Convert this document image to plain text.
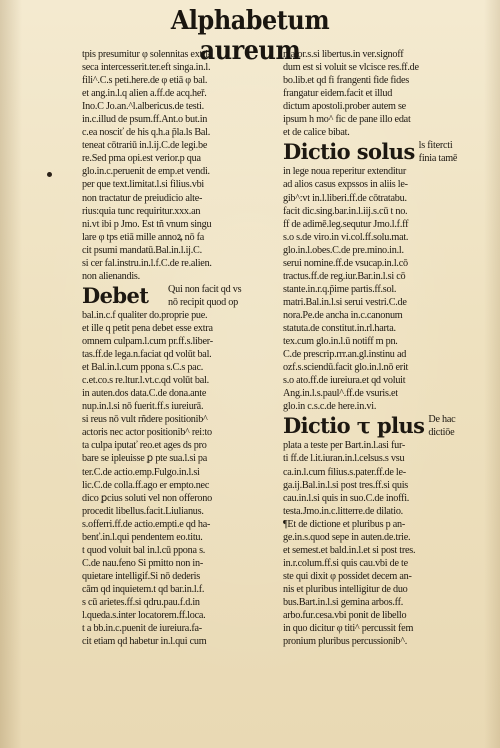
Alphabetum aureum
tpis presumitur φ solennitas extri-
seca intercesserit.ter.eft singa.in.l.
fili^.C.s peti.here.de φ etiā φ bal.
et ang.in.l.q alien a.ff.de acq.heř.
Ino.C Jo.an.^l.albericus.de testi.
in.c.illud de psum.ff.Ant.o but.in
c.ea nosciť de his q.h.a p̃la.ls Bal.
teneat cōtrariū in.l.ij.C.de legi.be
re.Sed pma opi.est verior.p qua
glo.in.c.peruenit de emp.et vendi.
per que text.limitat.l.si filius.vbi
non tractatur de preiudicio alte-
rius:quia tunc requiritur.xxx.an
ni.vt ibi p Jmo. Est tñ vnum singu
lare φ tps etiā mille annoꝝ nō fa
cit psumi mandatū.Bal.in.l.ij.C.
si cer fal.instru.in.l.f.C.de re.alien.
non alienandis.
Debet	Qui non facit qd vs
nō recipit quod op
bal.in.c.f qualiter do.proprie pue.
et ille q petit pena debet esse extra
omnem culpam.l.cum pr.ff.s.liber-
tas.ff.de lega.n.faciat qd volūt bal.
et Bal.in.l.cum ppona s.C.s pac.
c.et.co.s re.ltur.l.vt.c.qd volūt bal.
in auten.dos data.C.de dona.ante
nup.in.l.si nō fuerit.ff.s iureiurā.
si reus nō vult rñdere positionib^
actoris nec actor positionib^ rei:to
ta culpa iputať reo.et ages ds pro
bare se ipleuisse ꝑ pte sua.l.si pa
ter.C.de actio.emp.Fulgo.in.l.si
lic.C.de colla.ff.ago er empto.nec
dico ꝑcius soluti vel non offerono
procedit libellus.facit.Liulianus.
s.offerri.ff.de actio.empti.e qd ha-
benť.in.l.qui pendentem eo.titu.
t quod voluit bal in.l.cū ppona s.
C.de nau.feno Si pmitto non in-
quietare intelligif.Si nō dederis
cām qd inquietem.t qd bar.in.l.f.
s cū arietes.ff.si qdru.pau.f.d.in
l.queda.s.inter locatorem.ff.loca.
t a bb.in.c.puenit de iureiura.fa-
cit etiam qd habetur in.l.qui cum
maior.s.si libertus.in ver.signoff
dum est si voluit se vlcisce res.ff.de
bo.lib.et qd fi frangenti fide fides
frangatur eidem.facit et illud
dictum apostoli.prober autem se
ipsum h mo^ fic de pane illo edat
et de calice bibat.
Dictio solus ls fitercti
finia tamē
in lege noua reperitur extenditur
ad alios casus expssos in aliis le-
gib^:vt in.l.liberi.ff.de cōtratabu.
facit dic.sing.bar.in.l.iij.s.cū t no.
ff de adimē.leg.sequtur Jmo.l.f.ff
s.o s.de viro.in vi.col.ff.solu.mat.
glo.in.l.obes.C.de pre.mino.in.l.
serui nomine.ff.de vsucap.in.l.cō
tractus.ff.de reg.iur.Bar.in.l.si cō
stante.in.r.q.p̃ime partis.ff.sol.
matri.Bal.in.l.si serui vestri.C.de
nora.Pe.de ancha in.c.canonum
statuta.de constitut.in.rl.harta.
tex.cum glo.in.l.ū notiff m pn.
C.de prescrip.rrr.an.gl.instinu ad
ozf.s.sciendū.facit glo.in.l.nō erit
s.o ato.ff.de iureiura.et qd voluit
Ang.in.l.s.paul^.ff.de vsuris.et
glo.in c.s.c.de here.in.vi.
Dictio τ plus De hac
dictiōe
plata a teste per Bart.in.l.asi fur-
ti ff.de l.it.iuran.in.l.celsus.s vsu
ca.in.l.cum filius.s.pater.ff.de le-
ga.ij.Bal.in.l.si post tres.ff.si quis
cau.in.l.si quis in suo.C.de inoffi.
testa.Jmo.in.c.litterre.de dilatio.
¶Et de dictione et pluribus p an-
ge.in.s.quod sepe in auten.de.trie.
et semest.et bald.in.l.et si post tres.
in.r.colum.ff.si quis cau.vbi de te
ste qui dixit φ possidet decem an-
nis et pluribus intelligitur de duo
bus.Bart.in.l.si gemina arbos.ff.
arbo.fur.cesa.vbi ponit de libello
in quo dicitur φ titi^ percussit fem
pronium pluribus percussionib^.
